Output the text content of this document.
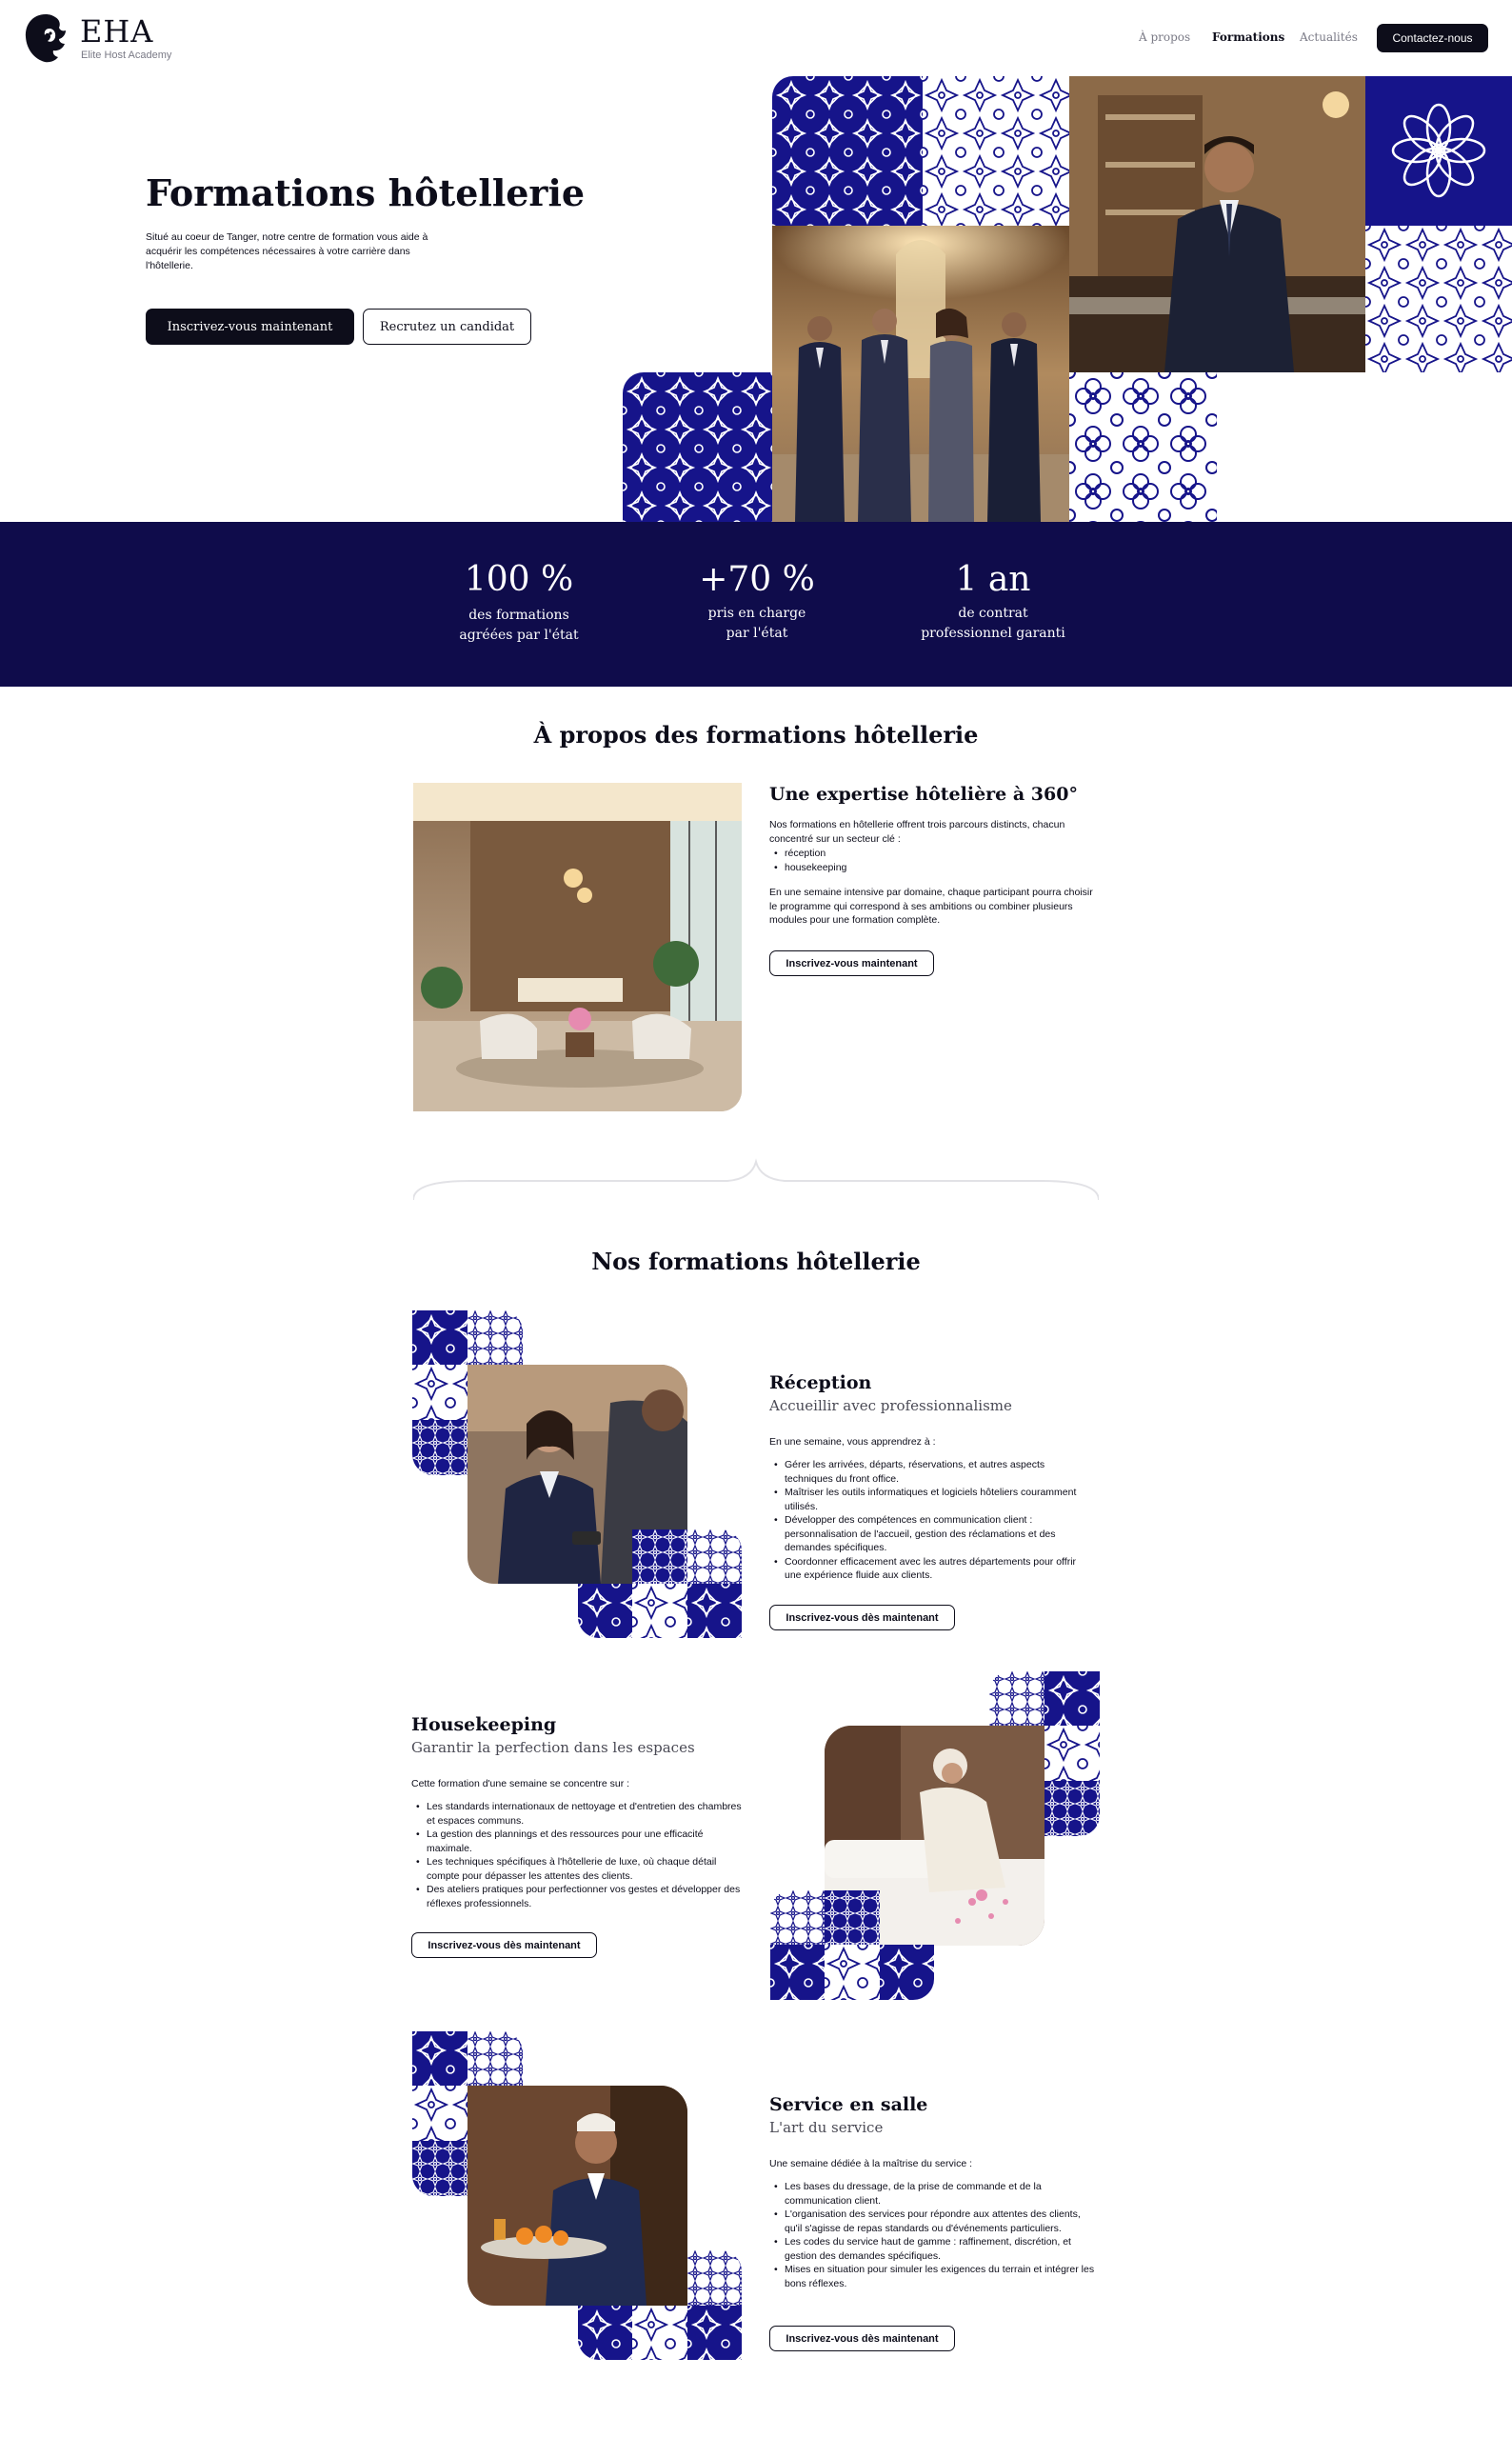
EHA
Elite Host Academy
À propos Formations Actualités	Contactez-nous
Formations hôtellerie

Situé au coeur de Tanger, notre centre de formation vous aide à acquérir les compétences nécessaires à votre carrière dans l'hôtellerie.

Inscrivez-vous maintenant	Recrutez un candidat
100 %
des formations
agréées par l'état
+70 %
pris en charge
par l'état
1 an
de contrat
professionnel garanti
À propos des formations hôtellerie
Une expertise hôtelière à 360°

Nos formations en hôtellerie offrent trois parcours distincts, chacun concentré sur un secteur clé :

• réception
• housekeeping

En une semaine intensive par domaine, chaque participant pourra choisir le programme qui correspond à ses ambitions ou combiner plusieurs modules pour une formation complète.

Inscrivez-vous maintenant
Nos formations hôtellerie
Réception
Accueillir avec professionnalisme

En une semaine, vous apprendrez à :

• Gérer les arrivées, départs, réservations, et autres aspects techniques du front office.
• Maîtriser les outils informatiques et logiciels hôteliers couramment utilisés.
• Développer des compétences en communication client : personnalisation de l'accueil, gestion des réclamations et des demandes spécifiques.
• Coordonner efficacement avec les autres départements pour offrir une expérience fluide aux clients.
Inscrivez-vous dès maintenant
Housekeeping
Garantir la perfection dans les espaces

Cette formation d'une semaine se concentre sur :

• Les standards internationaux de nettoyage et d'entretien des chambres et espaces communs.
• La gestion des plannings et des ressources pour une efficacité maximale.
• Les techniques spécifiques à l'hôtellerie de luxe, où chaque détail compte pour dépasser les attentes des clients.
• Des ateliers pratiques pour perfectionner vos gestes et développer des réflexes professionnels.
Inscrivez-vous dès maintenant
Service en salle
L'art du service

Une semaine dédiée à la maîtrise du service :

• Les bases du dressage, de la prise de commande et de la communication client.
• L'organisation des services pour répondre aux attentes des clients, qu'il s'agisse de repas standards ou d'événements particuliers.
• Les codes du service haut de gamme : raffinement, discrétion, et gestion des demandes spécifiques.
• Mises en situation pour simuler les exigences du terrain et intégrer les bons réflexes.
Inscrivez-vous dès maintenant
